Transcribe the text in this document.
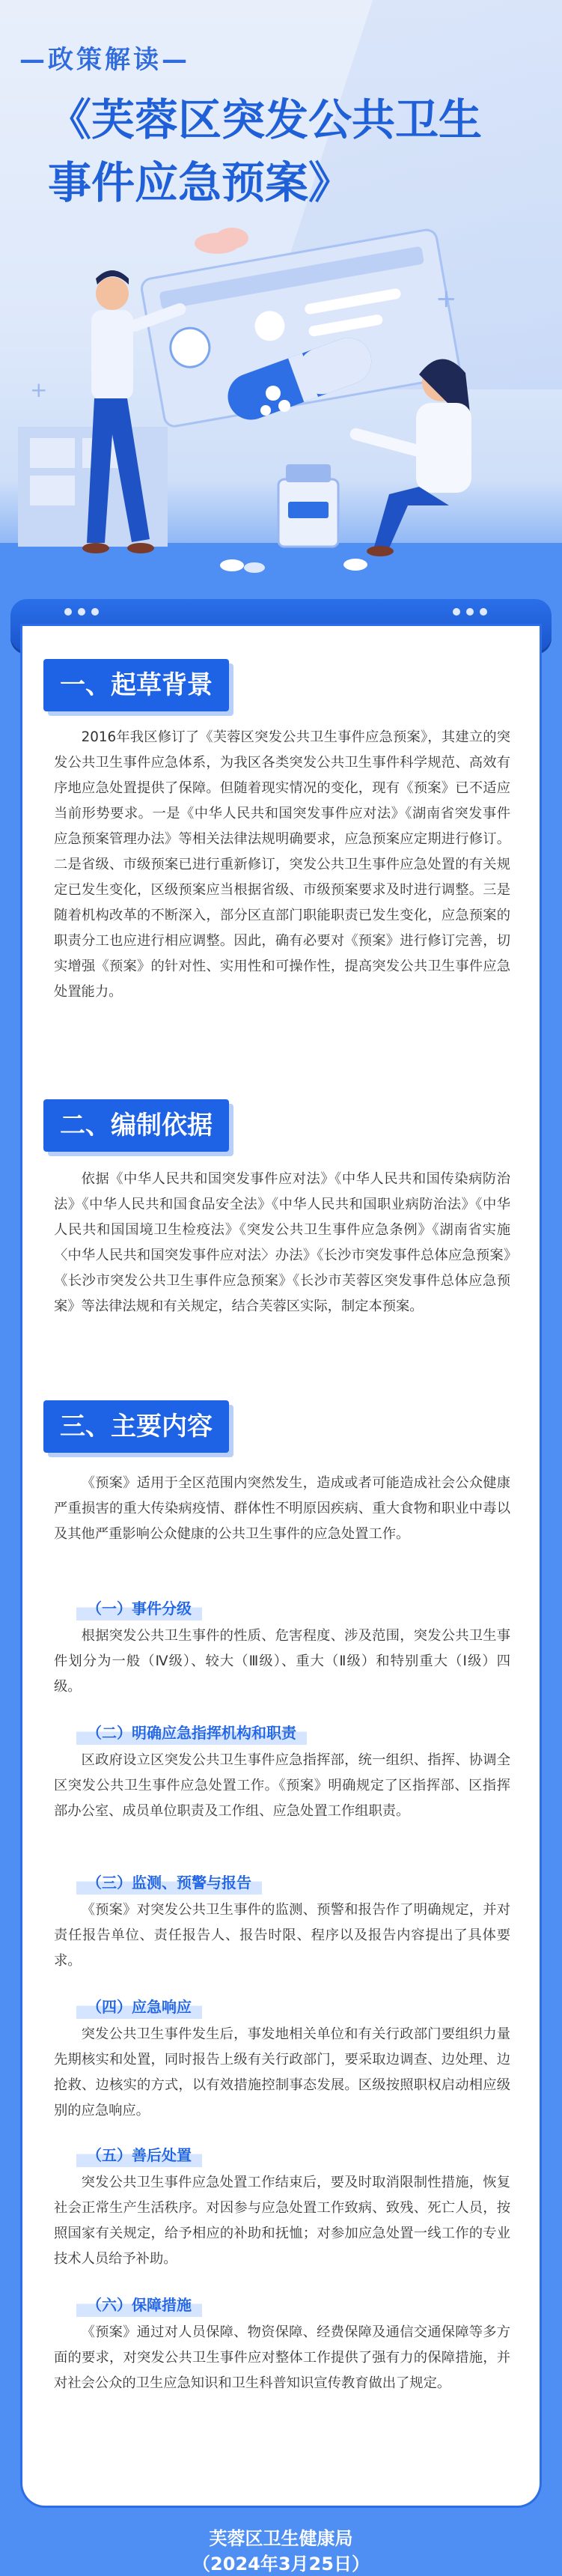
—政策解读—
《芙蓉区突发公共卫生
事件应急预案》
+
+
一、起草背景
2016年我区修订了《芙蓉区突发公共卫生事件应急预案》，其建立的突发公共卫生事件应急体系，为我区各类突发公共卫生事件科学规范、高效有序地应急处置提供了保障。但随着现实情况的变化，现有《预案》已不适应当前形势要求。一是《中华人民共和国突发事件应对法》《湖南省突发事件应急预案管理办法》等相关法律法规明确要求，应急预案应定期进行修订。二是省级、市级预案已进行重新修订，突发公共卫生事件应急处置的有关规定已发生变化，区级预案应当根据省级、市级预案要求及时进行调整。三是随着机构改革的不断深入，部分区直部门职能职责已发生变化，应急预案的职责分工也应进行相应调整。因此，确有必要对《预案》进行修订完善，切实增强《预案》的针对性、实用性和可操作性，提高突发公共卫生事件应急处置能力。
二、编制依据
依据《中华人民共和国突发事件应对法》《中华人民共和国传染病防治法》《中华人民共和国食品安全法》《中华人民共和国职业病防治法》《中华人民共和国国境卫生检疫法》《突发公共卫生事件应急条例》《湖南省实施〈中华人民共和国突发事件应对法〉办法》《长沙市突发事件总体应急预案》《长沙市突发公共卫生事件应急预案》《长沙市芙蓉区突发事件总体应急预案》等法律法规和有关规定，结合芙蓉区实际，制定本预案。
三、主要内容
《预案》适用于全区范围内突然发生，造成或者可能造成社会公众健康严重损害的重大传染病疫情、群体性不明原因疾病、重大食物和职业中毒以及其他严重影响公众健康的公共卫生事件的应急处置工作。
（一）事件分级
根据突发公共卫生事件的性质、危害程度、涉及范围，突发公共卫生事件划分为一般（Ⅳ级）、较大（Ⅲ级）、重大（Ⅱ级）和特别重大（Ⅰ级）四级。
（二）明确应急指挥机构和职责
区政府设立区突发公共卫生事件应急指挥部，统一组织、指挥、协调全区突发公共卫生事件应急处置工作。《预案》明确规定了区指挥部、区指挥部办公室、成员单位职责及工作组、应急处置工作组职责。
（三）监测、预警与报告
《预案》对突发公共卫生事件的监测、预警和报告作了明确规定，并对责任报告单位、责任报告人、报告时限、程序以及报告内容提出了具体要求。
（四）应急响应
突发公共卫生事件发生后，事发地相关单位和有关行政部门要组织力量先期核实和处置，同时报告上级有关行政部门，要采取边调查、边处理、边抢救、边核实的方式，以有效措施控制事态发展。区级按照职权启动相应级别的应急响应。
（五）善后处置
突发公共卫生事件应急处置工作结束后，要及时取消限制性措施，恢复社会正常生产生活秩序。对因参与应急处置工作致病、致残、死亡人员，按照国家有关规定，给予相应的补助和抚恤；对参加应急处置一线工作的专业技术人员给予补助。
（六）保障措施
《预案》通过对人员保障、物资保障、经费保障及通信交通保障等多方面的要求，对突发公共卫生事件应对整体工作提供了强有力的保障措施，并对社会公众的卫生应急知识和卫生科普知识宣传教育做出了规定。
芙蓉区卫生健康局
（2024年3月25日）
